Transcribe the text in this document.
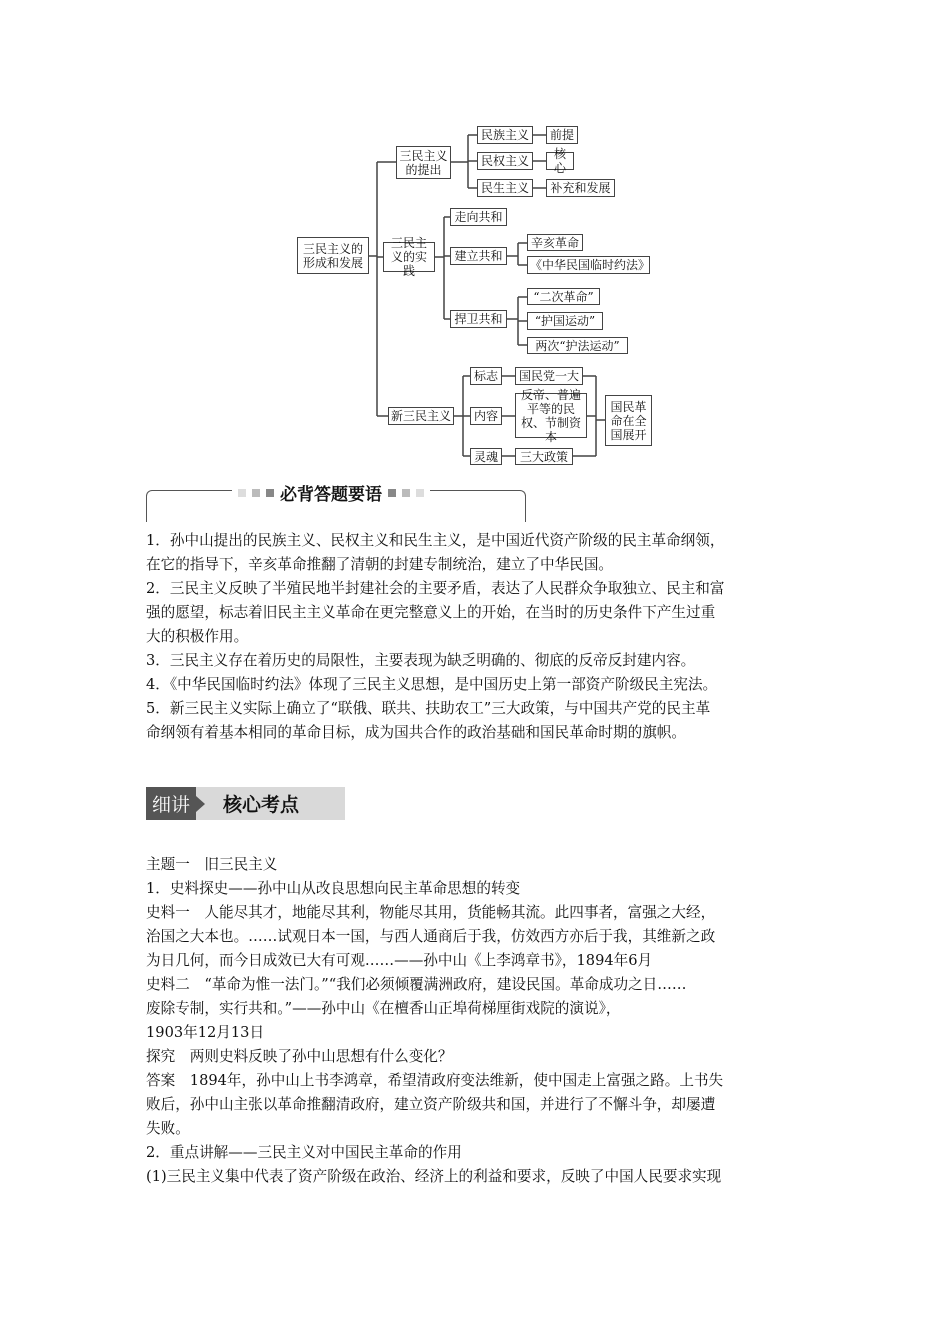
三民主义的形成和发展
三民主义的提出
三民主义的实践
新三民主义
民族主义
民权主义
民生主义
前提
核心
补充和发展
走向共和
建立共和
捍卫共和
辛亥革命
《中华民国临时约法》
“二次革命”
“护国运动”
两次“护法运动”
标志
内容
灵魂
国民党一大
反帝、普遍平等的民权、节制资本
三大政策
国民革命在全国展开
必背答题要语
1．孙中山提出的民族主义、民权主义和民生主义，是中国近代资产阶级的民主革命纲领，
在它的指导下，辛亥革命推翻了清朝的封建专制统治，建立了中华民国。
2．三民主义反映了半殖民地半封建社会的主要矛盾，表达了人民群众争取独立、民主和富
强的愿望，标志着旧民主主义革命在更完整意义上的开始，在当时的历史条件下产生过重
大的积极作用。
3．三民主义存在着历史的局限性，主要表现为缺乏明确的、彻底的反帝反封建内容。
4．《中华民国临时约法》体现了三民主义思想，是中国历史上第一部资产阶级民主宪法。
5．新三民主义实际上确立了“联俄、联共、扶助农工”三大政策，与中国共产党的民主革
命纲领有着基本相同的革命目标，成为国共合作的政治基础和国民革命时期的旗帜。
细讲	核心考点
主题一　旧三民主义
1．史料探史——孙中山从改良思想向民主革命思想的转变
史料一　人能尽其才，地能尽其利，物能尽其用，货能畅其流。此四事者，富强之大经，
治国之大本也。……试观日本一国，与西人通商后于我，仿效西方亦后于我，其维新之政
为日几何，而今日成效已大有可观……——孙中山《上李鸿章书》，1894年6月
史料二　“革命为惟一法门。”“我们必须倾覆满洲政府，建设民国。革命成功之日……
废除专制，实行共和。”——孙中山《在檀香山正埠荷梯厘街戏院的演说》，
1903年12月13日
探究　两则史料反映了孙中山思想有什么变化？
答案　1894年，孙中山上书李鸿章，希望清政府变法维新，使中国走上富强之路。上书失
败后，孙中山主张以革命推翻清政府，建立资产阶级共和国，并进行了不懈斗争，却屡遭
失败。
2．重点讲解——三民主义对中国民主革命的作用
(1)三民主义集中代表了资产阶级在政治、经济上的利益和要求，反映了中国人民要求实现
